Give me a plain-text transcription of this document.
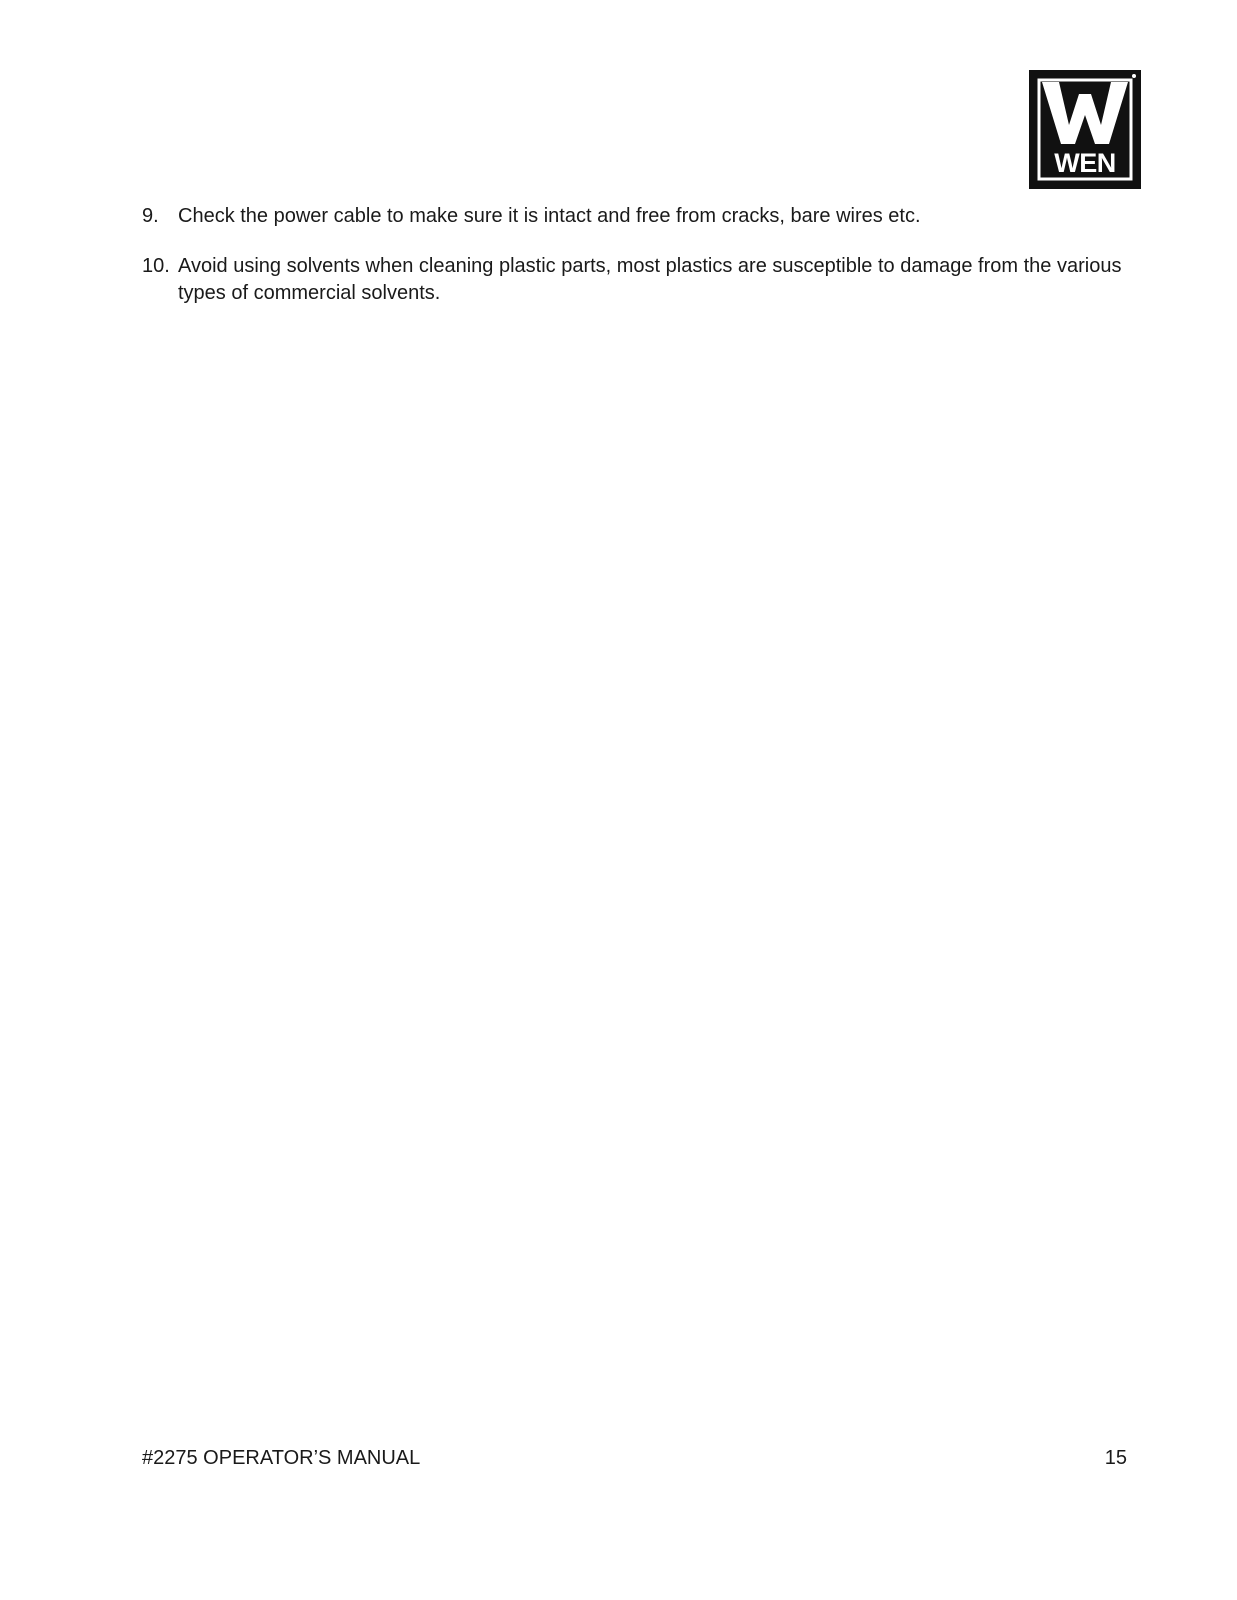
WEN
9. Check the power cable to make sure it is intact and free from cracks, bare wires etc.
10. Avoid using solvents when cleaning plastic parts, most plastics are susceptible to damage from the various types of commercial solvents.
#2275 OPERATOR’S MANUAL	15
